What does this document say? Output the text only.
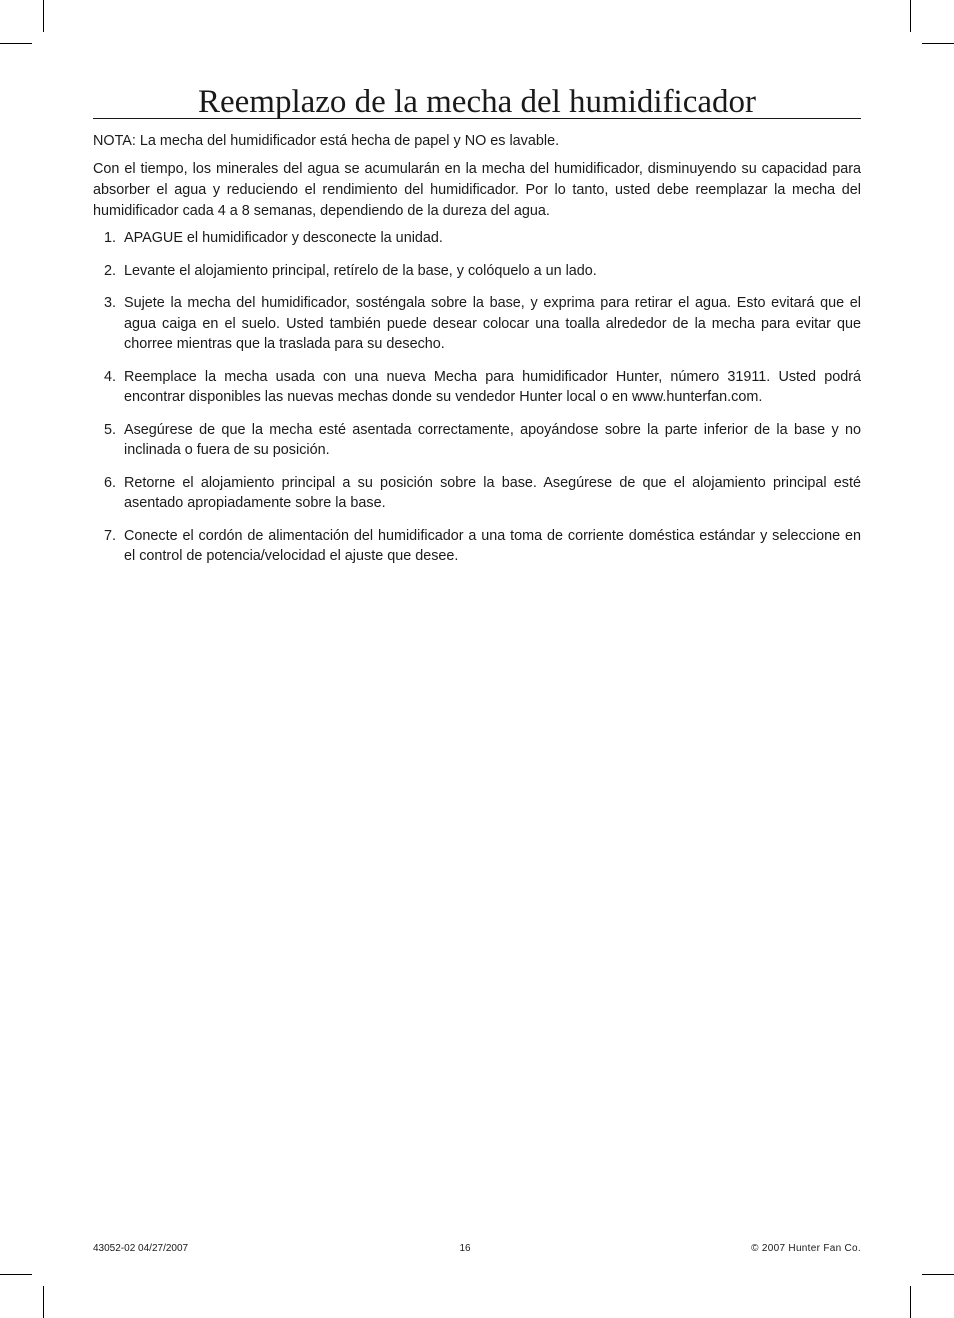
Reemplazo de la mecha del humidificador
NOTA: La mecha del humidificador está hecha de papel y NO es lavable.
Con el tiempo, los minerales del agua se acumularán en la mecha del humidificador, disminuyendo su capacidad para absorber el agua y reduciendo el rendimiento del humidificador. Por lo tanto, usted debe reemplazar la mecha del humidificador cada 4 a 8 semanas, dependiendo de la dureza del agua.
1. APAGUE el humidificador y desconecte la unidad.
2. Levante el alojamiento principal, retírelo de la base, y colóquelo a un lado.
3. Sujete la mecha del humidificador, sosténgala sobre la base, y exprima para retirar el agua. Esto evitará que el agua caiga en el suelo. Usted también puede desear colocar una toalla alrededor de la mecha para evitar que chorree mientras que la traslada para su desecho.
4. Reemplace la mecha usada con una nueva Mecha para humidificador Hunter, número 31911. Usted podrá encontrar disponibles las nuevas mechas donde su vendedor Hunter local o en www.hunterfan.com.
5. Asegúrese de que la mecha esté asentada correctamente, apoyándose sobre la parte inferior de la base y no inclinada o fuera de su posición.
6. Retorne el alojamiento principal a su posición sobre la base. Asegúrese de que el alojamiento principal esté asentado apropiadamente sobre la base.
7. Conecte el cordón de alimentación del humidificador a una toma de corriente doméstica estándar y seleccione en el control de potencia/velocidad el ajuste que desee.
43052-02 04/27/2007	16	© 2007 Hunter Fan Co.
